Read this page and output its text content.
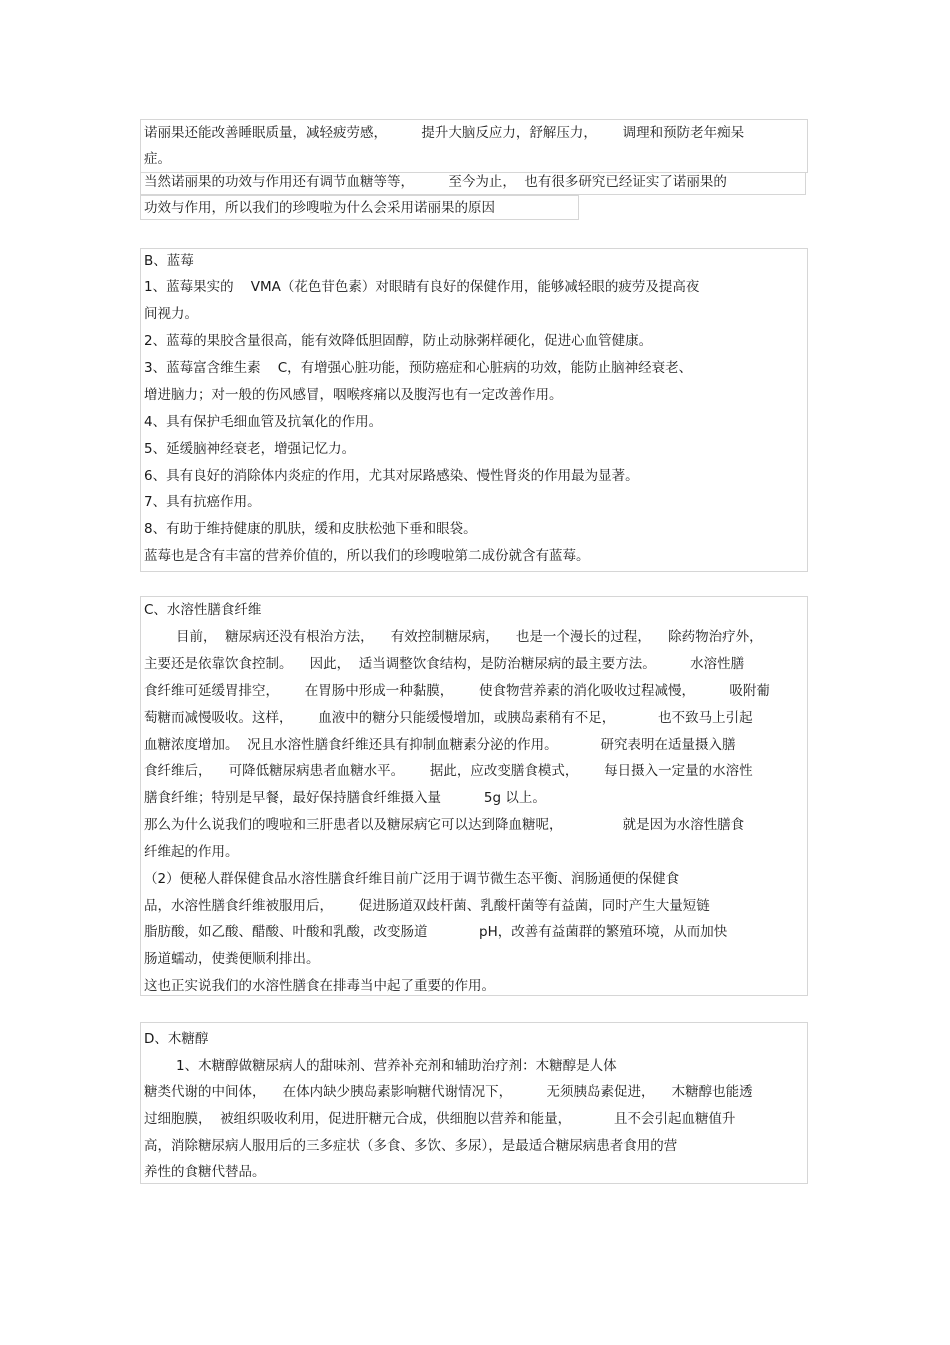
诺丽果还能改善睡眠质量，减轻疲劳感，        提升大脑反应力，舒解压力，      调理和预防老年痴呆
症。
当然诺丽果的功效与作用还有调节血糖等等，        至今为止，  也有很多研究已经证实了诺丽果的
功效与作用，所以我们的珍嗖啦为什么会采用诺丽果的原因
B、蓝莓
1、蓝莓果实的    VMA（花色苷色素）对眼睛有良好的保健作用，能够减轻眼的疲劳及提高夜
间视力。
2、蓝莓的果胶含量很高，能有效降低胆固醇，防止动脉粥样硬化，促进心血管健康。
3、蓝莓富含维生素    C，有增强心脏功能，预防癌症和心脏病的功效，能防止脑神经衰老、
增进脑力；对一般的伤风感冒，咽喉疼痛以及腹泻也有一定改善作用。
4、具有保护毛细血管及抗氧化的作用。
5、延缓脑神经衰老，增强记忆力。
6、具有良好的消除体内炎症的作用，尤其对尿路感染、慢性肾炎的作用最为显著。
7、具有抗癌作用。
8、有助于维持健康的肌肤，缓和皮肤松弛下垂和眼袋。
蓝莓也是含有丰富的营养价值的，所以我们的珍嗖啦第二成份就含有蓝莓。
C、水溶性膳食纤维
目前，  糖尿病还没有根治方法，    有效控制糖尿病，    也是一个漫长的过程，    除药物治疗外，
主要还是依靠饮食控制。    因此，  适当调整饮食结构，是防治糖尿病的最主要方法。        水溶性膳
食纤维可延缓胃排空，      在胃肠中形成一种黏膜，      使食物营养素的消化吸收过程减慢，        吸附葡
萄糖而减慢吸收。这样，      血液中的糖分只能缓慢增加，或胰岛素稍有不足，          也不致马上引起
血糖浓度增加。  况且水溶性膳食纤维还具有抑制血糖素分泌的作用。          研究表明在适量摄入膳
食纤维后，    可降低糖尿病患者血糖水平。      据此，应改变膳食模式，      每日摄入一定量的水溶性
膳食纤维；特别是早餐，最好保持膳食纤维摄入量          5g 以上。
那么为什么说我们的嗖啦和三肝患者以及糖尿病它可以达到降血糖呢，              就是因为水溶性膳食
纤维起的作用。
（2）便秘人群保健食品水溶性膳食纤维目前广泛用于调节微生态平衡、润肠通便的保健食
品，水溶性膳食纤维被服用后，      促进肠道双歧杆菌、乳酸杆菌等有益菌，同时产生大量短链
脂肪酸，如乙酸、醋酸、叶酸和乳酸，改变肠道            pH，改善有益菌群的繁殖环境，从而加快
肠道蠕动，使粪便顺利排出。
这也正实说我们的水溶性膳食在排毒当中起了重要的作用。
D、木糖醇
1、木糖醇做糖尿病人的甜味剂、营养补充剂和辅助治疗剂：木糖醇是人体
糖类代谢的中间体，    在体内缺少胰岛素影响糖代谢情况下，        无须胰岛素促进，    木糖醇也能透
过细胞膜，  被组织吸收利用，促进肝糖元合成，供细胞以营养和能量，          且不会引起血糖值升
高，消除糖尿病人服用后的三多症状（多食、多饮、多尿），是最适合糖尿病患者食用的营
养性的食糖代替品。
